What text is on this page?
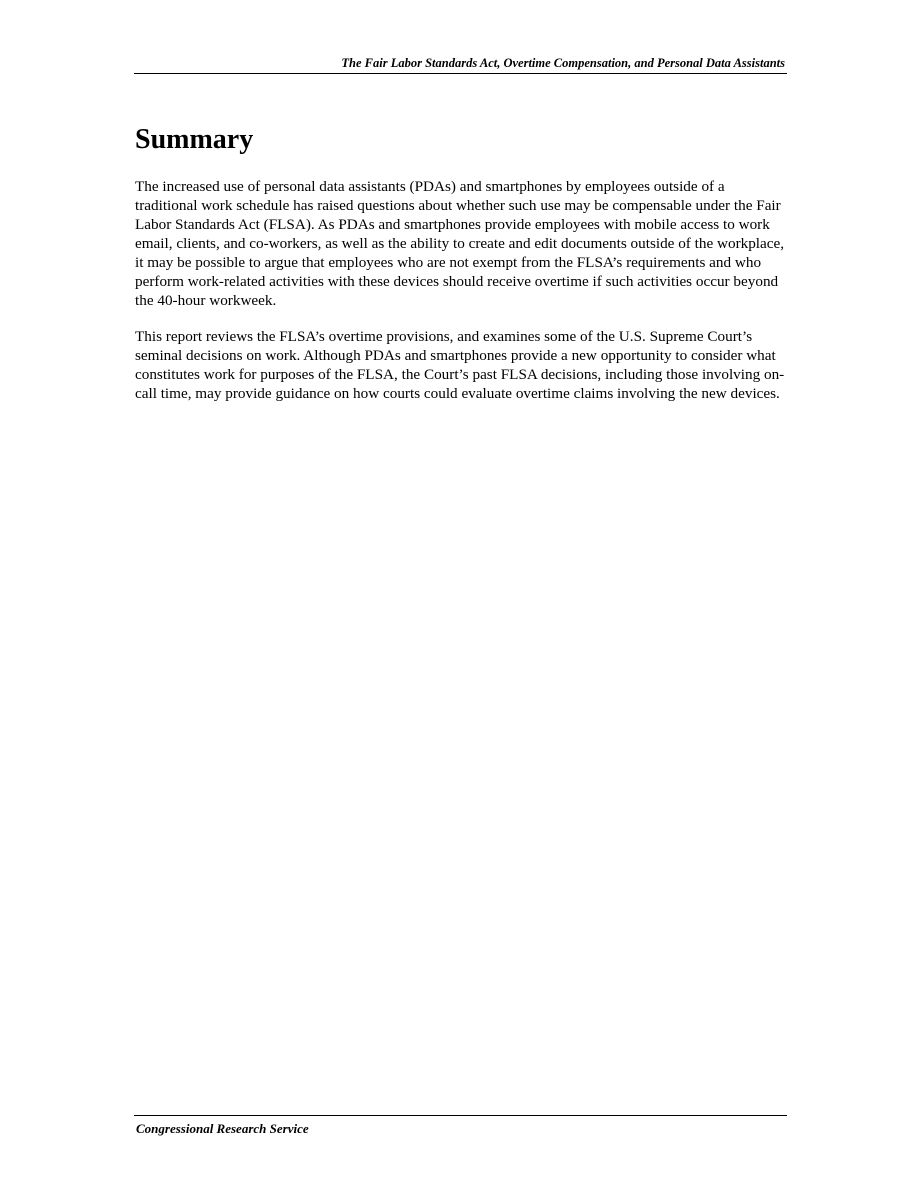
The Fair Labor Standards Act, Overtime Compensation, and Personal Data Assistants
Summary

The increased use of personal data assistants (PDAs) and smartphones by employees outside of a traditional work schedule has raised questions about whether such use may be compensable under the Fair Labor Standards Act (FLSA). As PDAs and smartphones provide employees with mobile access to work email, clients, and co-workers, as well as the ability to create and edit documents outside of the workplace, it may be possible to argue that employees who are not exempt from the FLSA’s requirements and who perform work-related activities with these devices should receive overtime if such activities occur beyond the 40-hour workweek.

This report reviews the FLSA’s overtime provisions, and examines some of the U.S. Supreme Court’s seminal decisions on work. Although PDAs and smartphones provide a new opportunity to consider what constitutes work for purposes of the FLSA, the Court’s past FLSA decisions, including those involving on-call time, may provide guidance on how courts could evaluate overtime claims involving the new devices.

Congressional Research Service
